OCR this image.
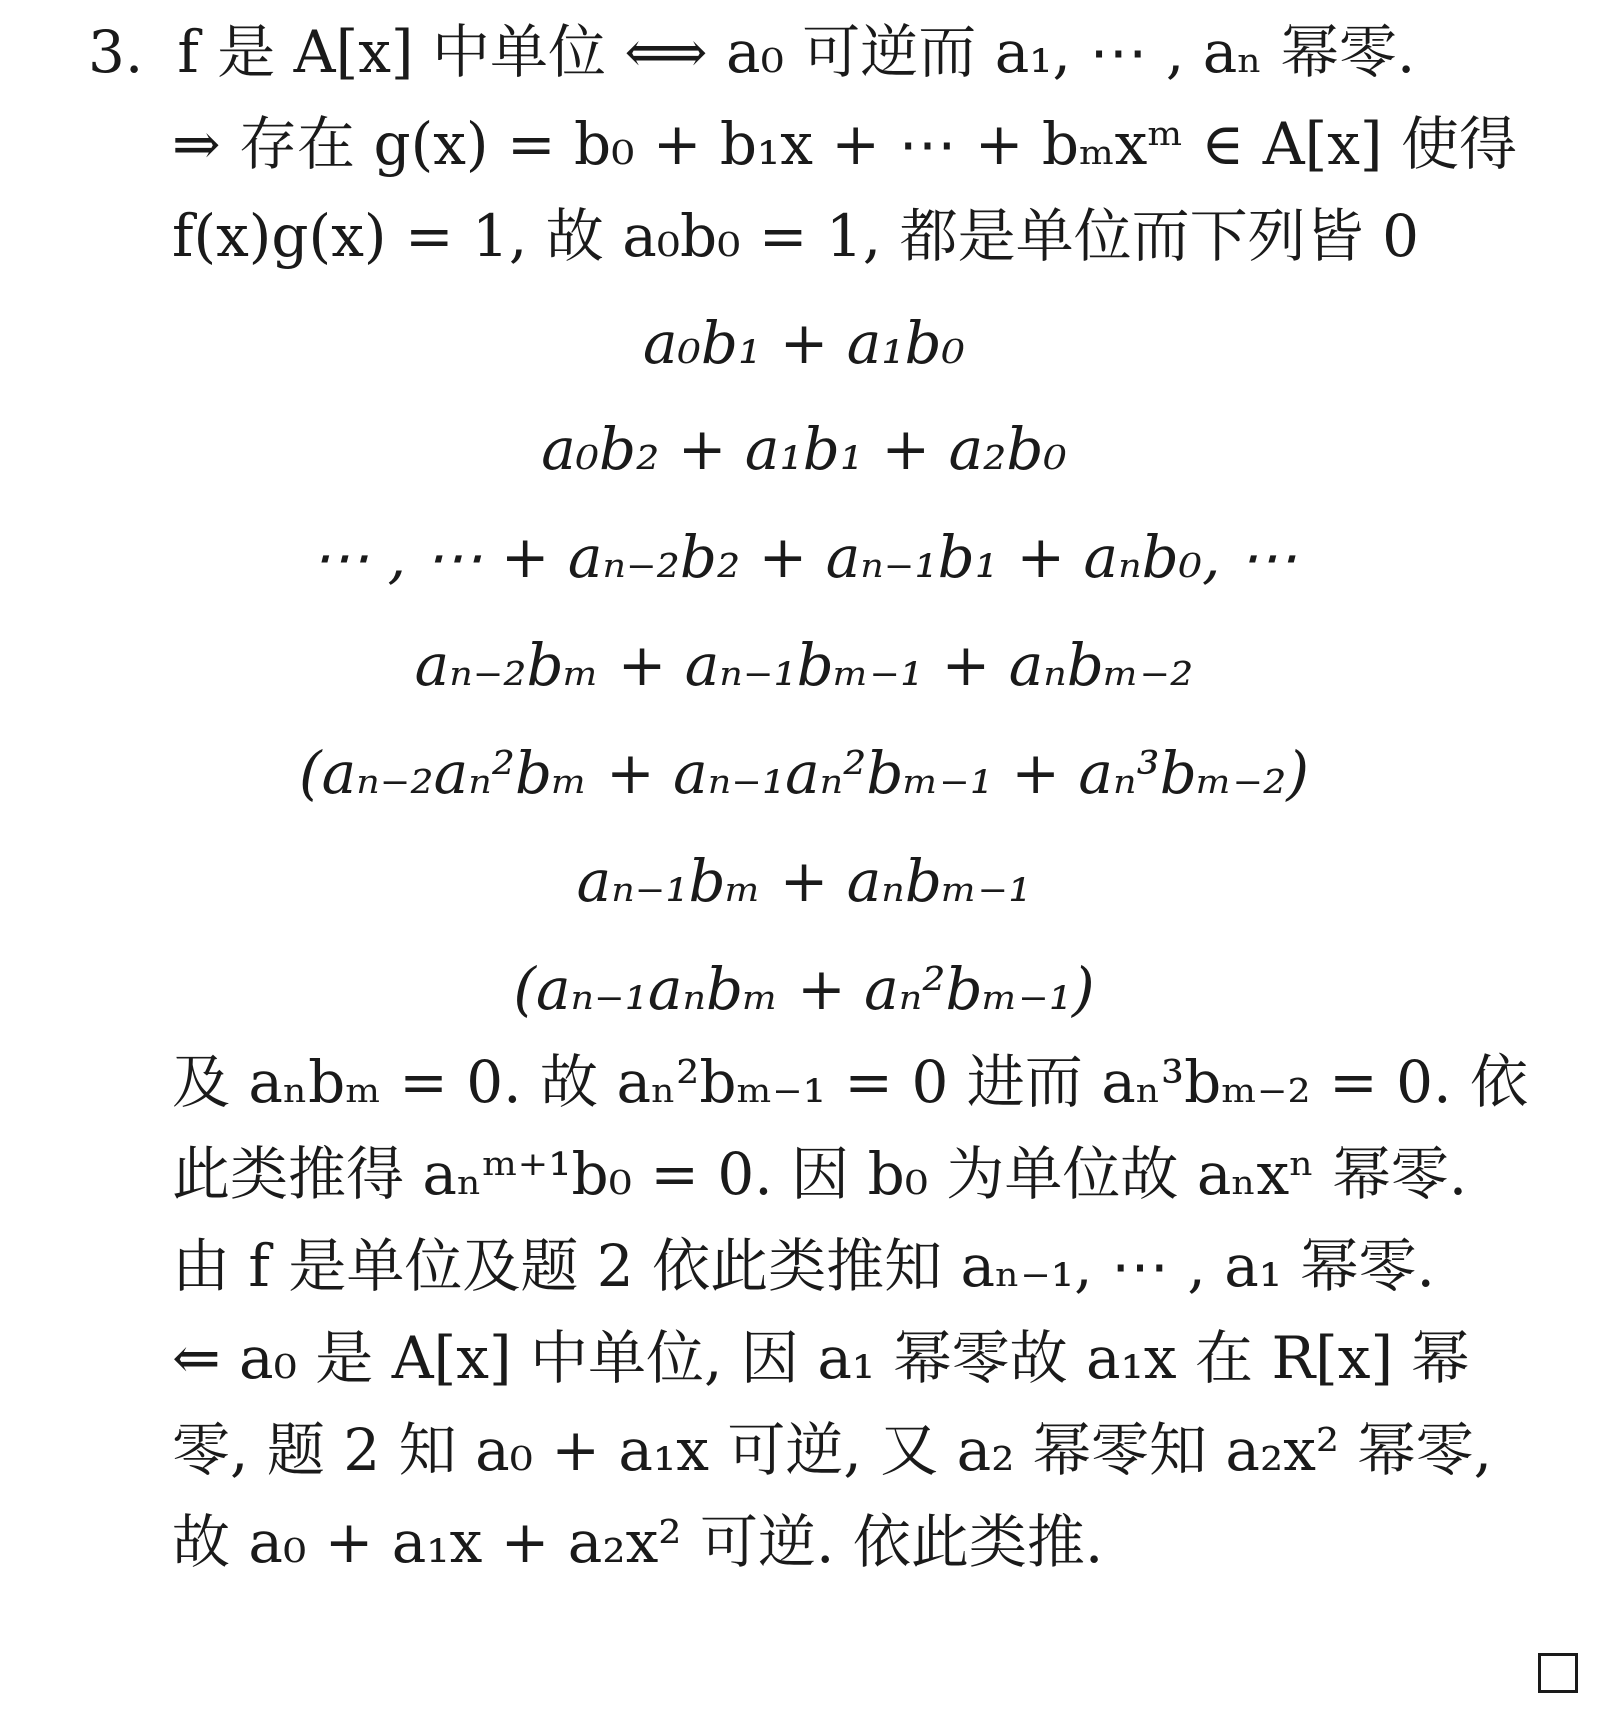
3. f 是 A[x] 中单位 ⟺ a₀ 可逆而 a₁, ⋯ , aₙ 幂零.
⇒ 存在 g(x) = b₀ + b₁x + ⋯ + bₘxᵐ ∈ A[x] 使得
f(x)g(x) = 1, 故 a₀b₀ = 1, 都是单位而下列皆 0
a₀b₁ + a₁b₀
a₀b₂ + a₁b₁ + a₂b₀
⋯ , ⋯ + aₙ₋₂b₂ + aₙ₋₁b₁ + aₙb₀, ⋯
aₙ₋₂bₘ + aₙ₋₁bₘ₋₁ + aₙbₘ₋₂
(aₙ₋₂aₙ²bₘ + aₙ₋₁aₙ²bₘ₋₁ + aₙ³bₘ₋₂)
aₙ₋₁bₘ + aₙbₘ₋₁
(aₙ₋₁aₙbₘ + aₙ²bₘ₋₁)
及 aₙbₘ = 0. 故 aₙ²bₘ₋₁ = 0 进而 aₙ³bₘ₋₂ = 0. 依
此类推得 aₙᵐ⁺¹b₀ = 0. 因 b₀ 为单位故 aₙxⁿ 幂零.
由 f 是单位及题 2 依此类推知 aₙ₋₁, ⋯ , a₁ 幂零.
⇐ a₀ 是 A[x] 中单位, 因 a₁ 幂零故 a₁x 在 R[x] 幂
零, 题 2 知 a₀ + a₁x 可逆, 又 a₂ 幂零知 a₂x² 幂零,
故 a₀ + a₁x + a₂x² 可逆. 依此类推.
